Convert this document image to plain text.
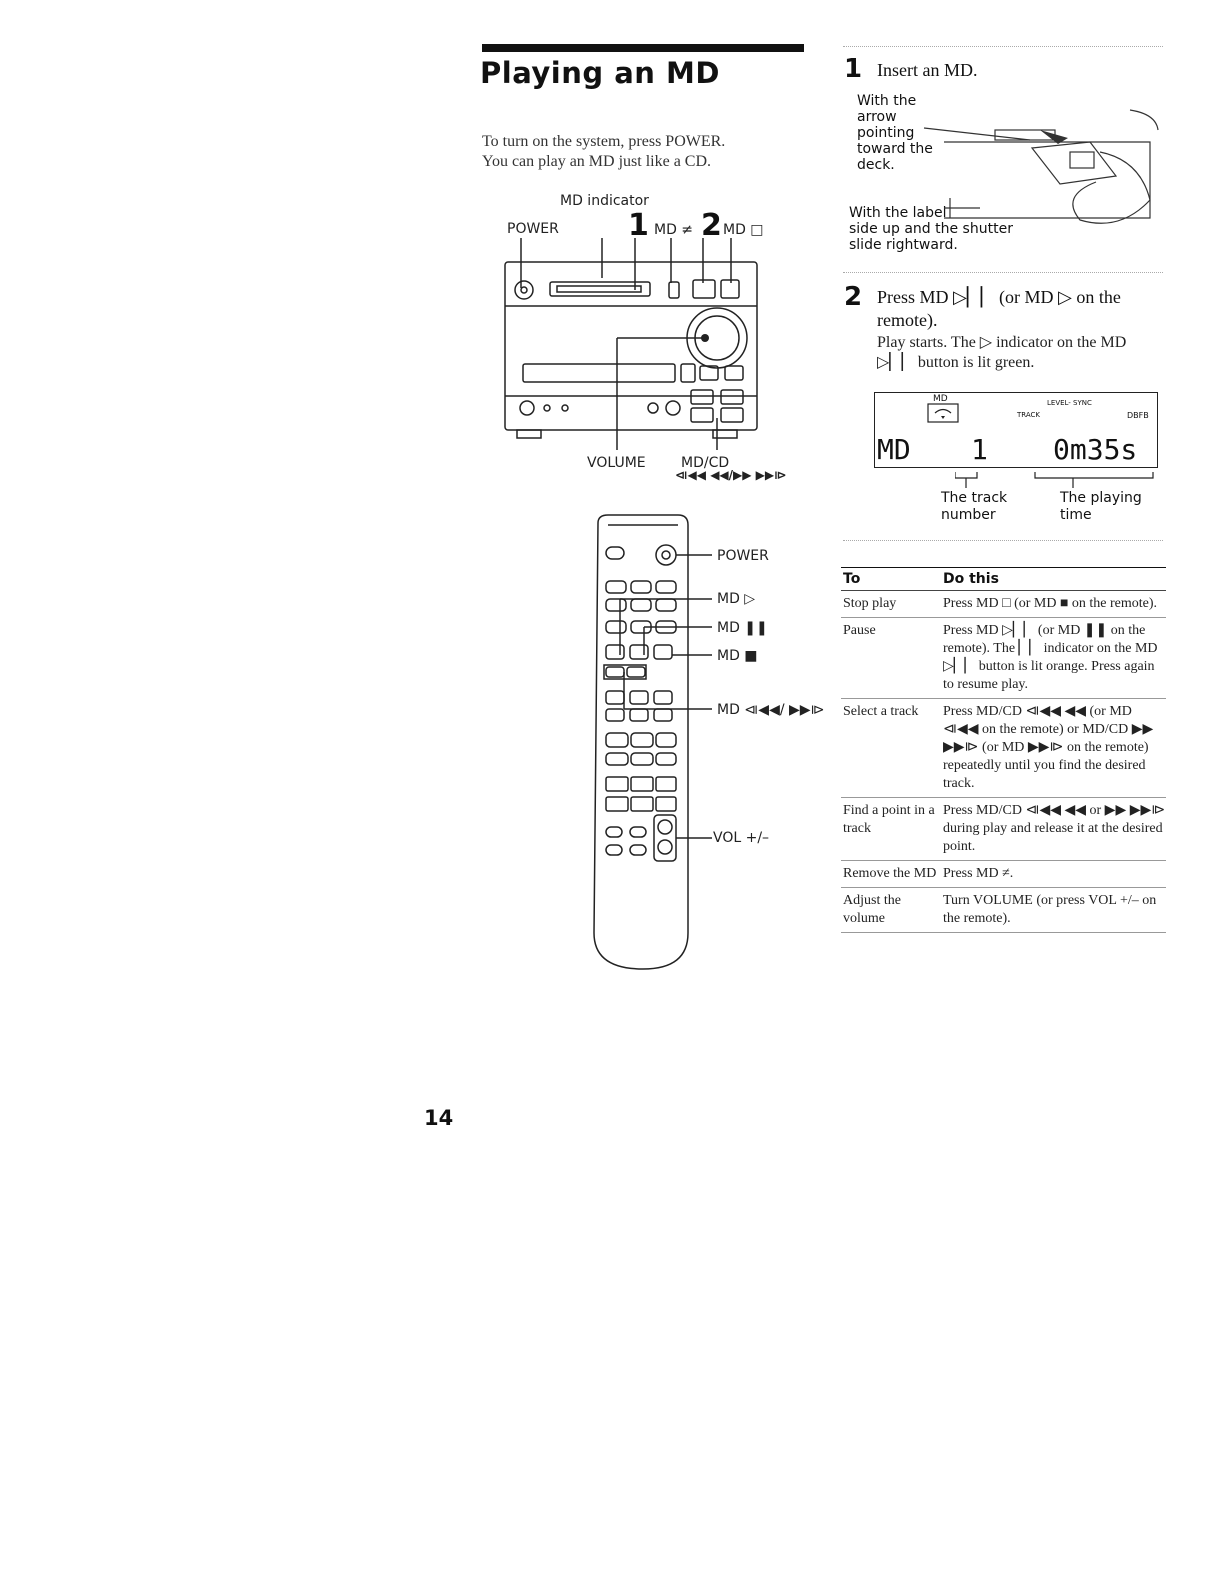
Playing an MD
To turn on the system, press POWER.
You can play an MD just like a CD.
MD indicator
POWER 1 MD ≠ 2 MD □
VOLUME	MD/CD
⧏◀◀ ◀◀/▶▶ ▶▶⧐
POWER
MD ▷
MD ❚❚
MD ■
MD ⧏◀◀/ ▶▶⧐
VOL +/–
1 Insert an MD.
With the
arrow
pointing
toward the
deck.
With the label
side up and the shutter
slide rightward.
2 Press MD ▷▏▏ (or MD ▷ on the remote).
Play starts. The ▷ indicator on the MD ▷▏▏ button is lit green.
MD
TRACK
LEVEL- SYNC
DBFB
MD 1 0m35s
The track
number
The playing
time
To	Do this
Stop play	Press MD □ (or MD ■ on the remote).
Pause	Press MD ▷▏▏ (or MD ❚❚ on the remote). The ▏▏ indicator on the MD ▷▏▏ button is lit orange. Press again to resume play.
Select a track	Press MD/CD ⧏◀◀ ◀◀ (or MD ⧏◀◀ on the remote) or MD/CD ▶▶ ▶▶⧐ (or MD ▶▶⧐ on the remote) repeatedly until you find the desired track.
Find a point in a track	Press MD/CD ⧏◀◀ ◀◀ or ▶▶ ▶▶⧐ during play and release it at the desired point.
Remove the MD	Press MD ≠.
Adjust the volume	Turn VOLUME (or press VOL +/– on the remote).
14
